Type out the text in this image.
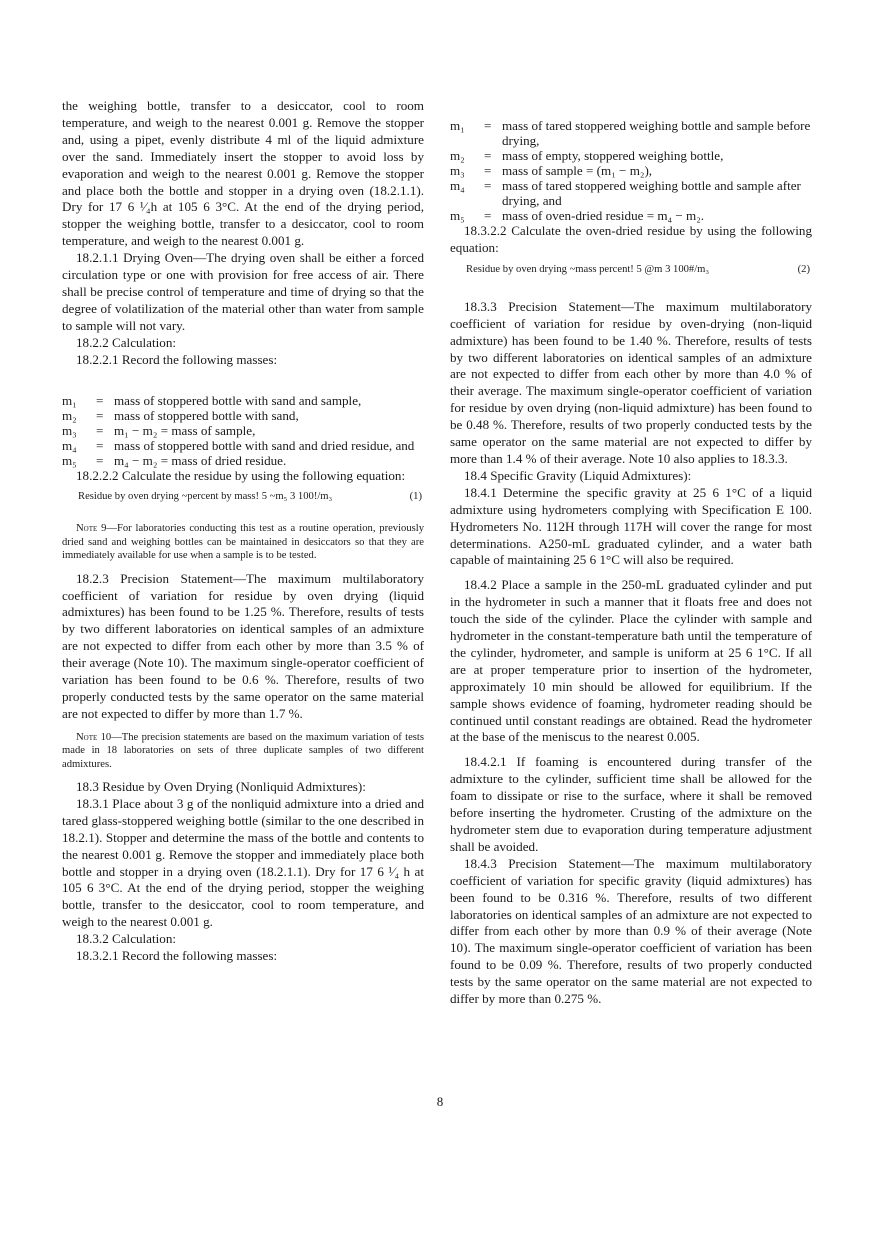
the weighing bottle, transfer to a desiccator, cool to room temperature, and weigh to the nearest 0.001 g. Remove the stopper and, using a pipet, evenly distribute 4 ml of the liquid admixture over the sand. Immediately insert the stopper to avoid loss by evaporation and weigh to the nearest 0.001 g. Remove the stopper and place both the bottle and stopper in a drying oven (18.2.1.1). Dry for 17 6 ¹⁄₄h at 105 6 3°C. At the end of the drying period, stopper the weighing bottle, transfer to a desiccator, cool to room temperature, and weigh to the nearest 0.001 g.

18.2.1.1 Drying Oven—The drying oven shall be either a forced circulation type or one with provision for free access of air. There shall be precise control of temperature and time of drying so that the degree of volatilization of the material other than water from sample to sample will not vary.

18.2.2 Calculation:

18.2.2.1 Record the following masses:

m₁	= mass of stoppered bottle with sand and sample,
m₂	= mass of stoppered bottle with sand,
m₃	= m₁ − m₂ = mass of sample,
m₄	= mass of stoppered bottle with sand and dried residue, and
m₅	= m₄ − m₂ = mass of dried residue.

18.2.2.2 Calculate the residue by using the following equation:

Residue by oven drying ~percent by mass! 5 ~m₅ 3 100!/m₃	(1)

Note 9—For laboratories conducting this test as a routine operation, previously dried sand and weighing bottles can be maintained in desiccators so that they are immediately available for use when a sample is to be tested.

18.2.3 Precision Statement—The maximum multilaboratory coefficient of variation for residue by oven drying (liquid admixtures) has been found to be 1.25 %. Therefore, results of tests by two different laboratories on identical samples of an admixture are not expected to differ from each other by more than 3.5 % of their average (Note 10). The maximum single-operator coefficient of variation has been found to be 0.6 %. Therefore, results of two properly conducted tests by the same operator on the same material are not expected to differ by more than 1.7 %.

Note 10—The precision statements are based on the maximum variation of tests made in 18 laboratories on sets of three duplicate samples of two different admixtures.

18.3 Residue by Oven Drying (Nonliquid Admixtures):

18.3.1 Place about 3 g of the nonliquid admixture into a dried and tared glass-stoppered weighing bottle (similar to the one described in 18.2.1). Stopper and determine the mass of the bottle and contents to the nearest 0.001 g. Remove the stopper and immediately place both bottle and stopper in a drying oven (18.2.1.1). Dry for 17 6 ¹⁄₄ h at 105 6 3°C. At the end of the drying period, stopper the weighing bottle, transfer to the desiccator, cool to room temperature, and weigh to the nearest 0.001 g.

18.3.2 Calculation:

18.3.2.1 Record the following masses:

m₁	= mass of tared stoppered weighing bottle and sample before drying,
m₂	= mass of empty, stoppered weighing bottle,
m₃	= mass of sample = (m₁ − m₂),
m₄	= mass of tared stoppered weighing bottle and sample after drying, and
m₅	= mass of oven-dried residue = m₄ − m₂.

18.3.2.2 Calculate the oven-dried residue by using the following equation:

Residue by oven drying ~mass percent! 5 @m 3 100#/m₃	(2)

18.3.3 Precision Statement—The maximum multilaboratory coefficient of variation for residue by oven-drying (non-liquid admixture) has been found to be 1.40 %. Therefore, results of tests by two different laboratories on identical samples of an admixture are not expected to differ from each other by more than 4.0 % of their average. The maximum single-operator coefficient of variation for residue by oven drying (non-liquid admixture) has been found to be 0.48 %. Therefore, results of two properly conducted tests by the same operator on the same material are not expected to differ by more than 1.4 % of their average. Note 10 also applies to 18.3.3.

18.4 Specific Gravity (Liquid Admixtures):

18.4.1 Determine the specific gravity at 25 6 1°C of a liquid admixture using hydrometers complying with Specification E 100. Hydrometers No. 112H through 117H will cover the range for most determinations. A250-mL graduated cylinder, and a water bath capable of maintaining 25 6 1°C will also be required.

18.4.2 Place a sample in the 250-mL graduated cylinder and put in the hydrometer in such a manner that it floats free and does not touch the side of the cylinder. Place the cylinder with sample and hydrometer in the constant-temperature bath until the temperature of the cylinder, hydrometer, and sample is uniform at 25 6 1°C. If all are at proper temperature prior to insertion of the hydrometer, approximately 10 min should be allowed for equilibrium. If the sample shows evidence of foaming, hydrometer reading should be continued until constant readings are obtained. Read the hydrometer at the base of the meniscus to the nearest 0.005.

18.4.2.1 If foaming is encountered during transfer of the admixture to the cylinder, sufficient time shall be allowed for the foam to dissipate or rise to the surface, where it shall be removed before inserting the hydrometer. Crusting of the admixture on the hydrometer stem due to evaporation during temperature adjustment shall be avoided.

18.4.3 Precision Statement—The maximum multilaboratory coefficient of variation for specific gravity (liquid admixtures) has been found to be 0.316 %. Therefore, results of two different laboratories on identical samples of an admixture are not expected to differ from each other by more than 0.9 % of their average (Note 10). The maximum single-operator coefficient of variation has been found to be 0.09 %. Therefore, results of two properly conducted tests by the same operator on the same material are not expected to differ by more than 0.275 %.

8
